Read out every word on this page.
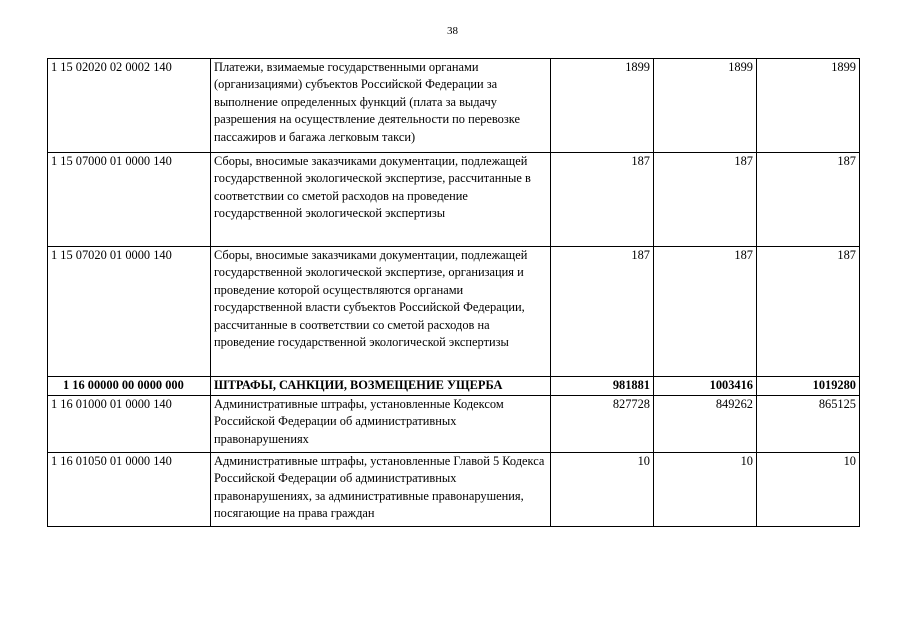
38
1 15 02020 02 0002 140	Платежи, взимаемые государственными органами (организациями) субъектов Российской Федерации за выполнение определенных функций (плата за выдачу разрешения на осуществление деятельности по перевозке пассажиров и багажа легковым такси)	1899	1899	1899
1 15 07000 01 0000 140	Сборы, вносимые заказчиками документации, подлежащей государственной экологической экспертизе, рассчитанные в соответствии со сметой расходов на проведение государственной экологической экспертизы	187	187	187
1 15 07020 01 0000 140	Сборы, вносимые заказчиками документации, подлежащей государственной экологической экспертизе, организация и проведение которой осуществляются органами государственной власти субъектов Российской Федерации, рассчитанные в соответствии со сметой расходов на проведение государственной экологической экспертизы	187	187	187
1 16 00000 00 0000 000	ШТРАФЫ, САНКЦИИ, ВОЗМЕЩЕНИЕ УЩЕРБА	981881	1003416	1019280
1 16 01000 01 0000 140	Административные штрафы, установленные Кодексом Российской Федерации об административных правонарушениях	827728	849262	865125
1 16 01050 01 0000 140	Административные штрафы, установленные Главой 5 Кодекса Российской Федерации об административных правонарушениях, за административные правонарушения, посягающие на права граждан	10	10	10
